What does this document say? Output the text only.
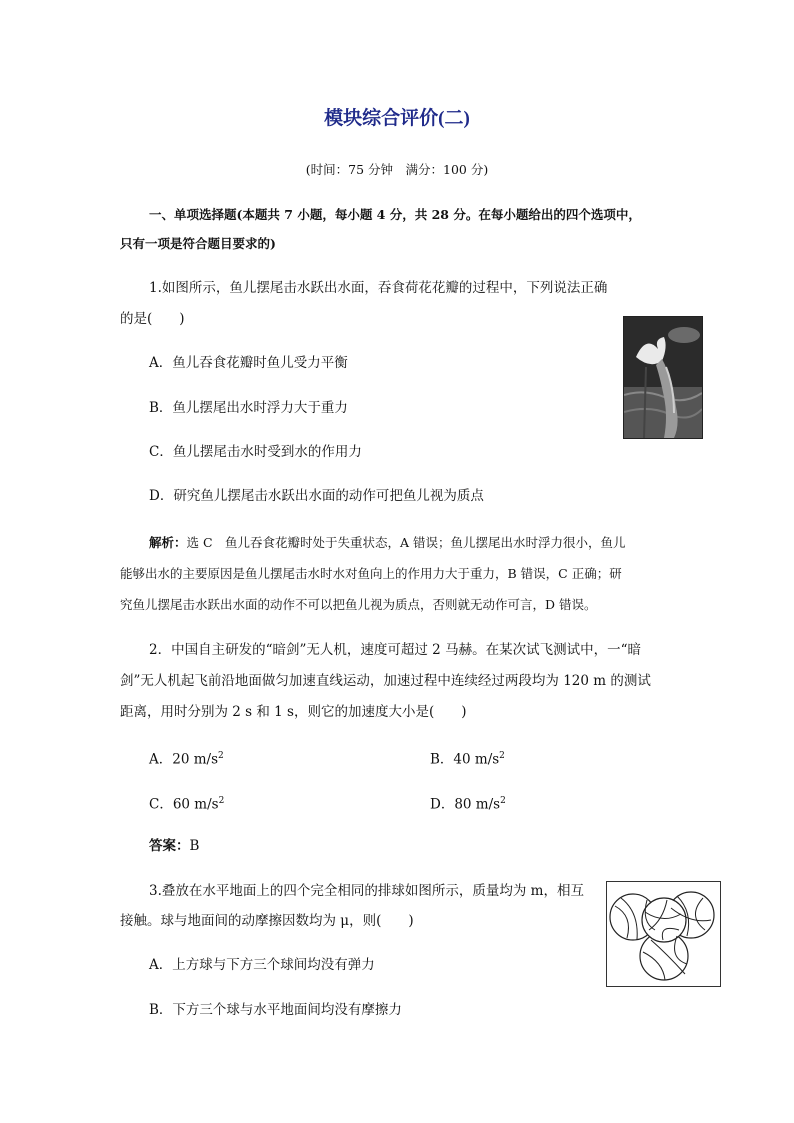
模块综合评价(二)
(时间：75 分钟　满分：100 分)
一、单项选择题(本题共 7 小题，每小题 4 分，共 28 分。在每小题给出的四个选项中，
只有一项是符合题目要求的)
1.如图所示，鱼儿摆尾击水跃出水面，吞食荷花花瓣的过程中，下列说法正确
的是(　　)
A．鱼儿吞食花瓣时鱼儿受力平衡
B．鱼儿摆尾出水时浮力大于重力
C．鱼儿摆尾击水时受到水的作用力
D．研究鱼儿摆尾击水跃出水面的动作可把鱼儿视为质点
解析：选 C　鱼儿吞食花瓣时处于失重状态，A 错误；鱼儿摆尾出水时浮力很小，鱼儿
能够出水的主要原因是鱼儿摆尾击水时水对鱼向上的作用力大于重力，B 错误，C 正确；研
究鱼儿摆尾击水跃出水面的动作不可以把鱼儿视为质点，否则就无动作可言，D 错误。
2．中国自主研发的“暗剑”无人机，速度可超过 2 马赫。在某次试飞测试中，一“暗
剑”无人机起飞前沿地面做匀加速直线运动，加速过程中连续经过两段均为 120 m 的测试
距离，用时分别为 2 s 和 1 s，则它的加速度大小是(　　)
A．20 $m/s^2$	B．40 $m/s^2$
C．60 $m/s^2$	D．80 $m/s^2$
答案：B
3.叠放在水平地面上的四个完全相同的排球如图所示，质量均为 m，相互
接触。球与地面间的动摩擦因数均为 μ，则(　　)
A．上方球与下方三个球间均没有弹力
B．下方三个球与水平地面间均没有摩擦力
